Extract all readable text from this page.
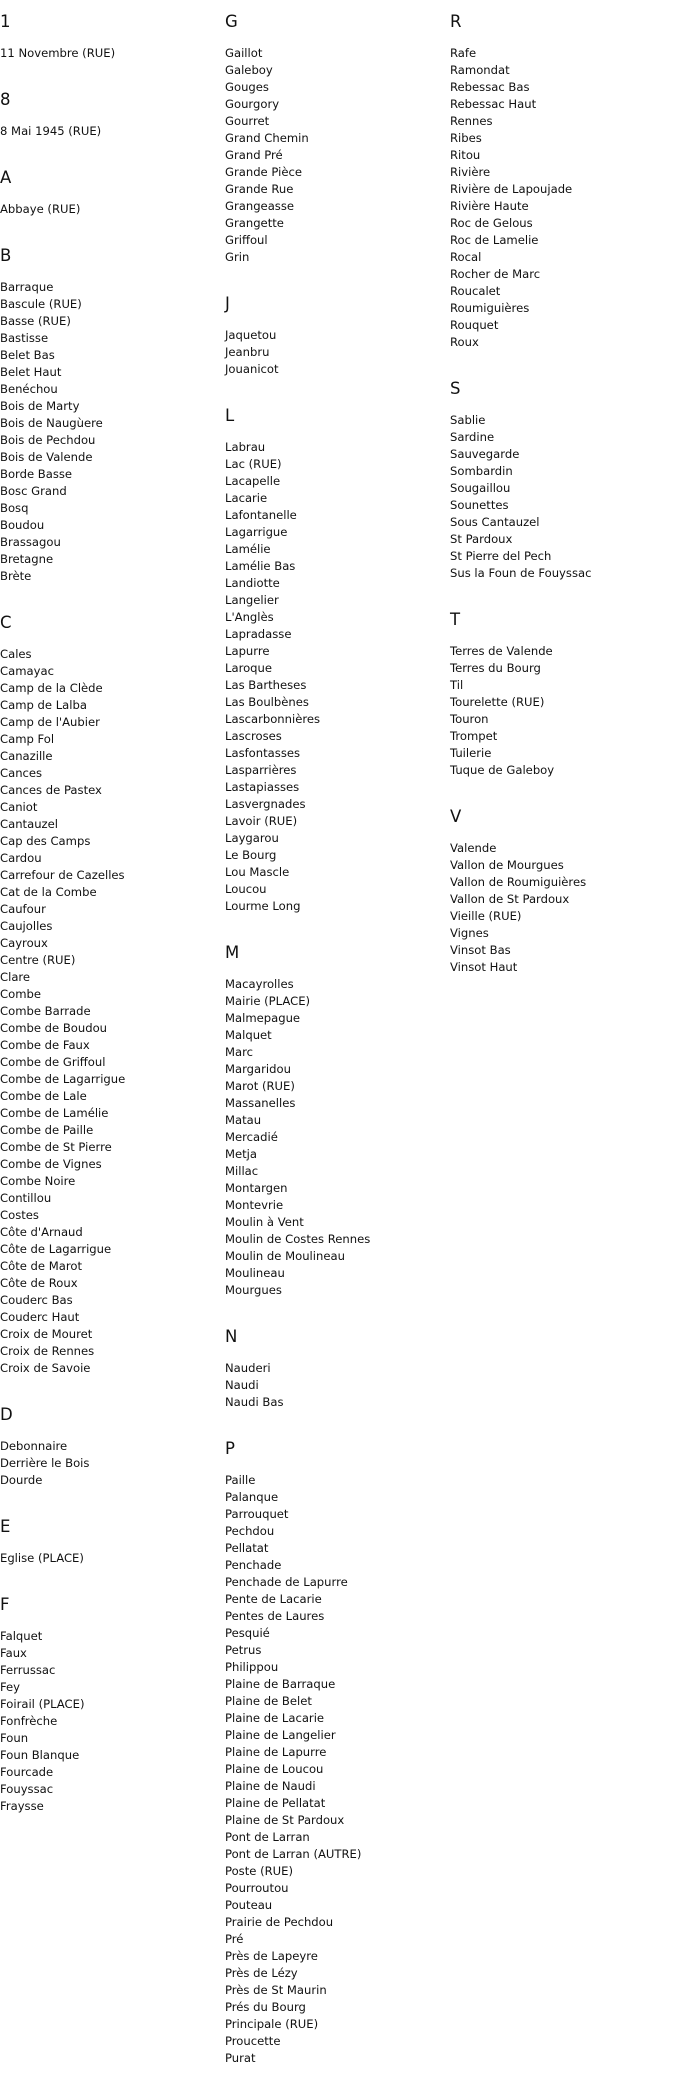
1
11 Novembre (RUE)
8
8 Mai 1945 (RUE)
A
Abbaye (RUE)
B
Barraque
Bascule (RUE)
Basse (RUE)
Bastisse
Belet Bas
Belet Haut
Benéchou
Bois de Marty
Bois de Naugùere
Bois de Pechdou
Bois de Valende
Borde Basse
Bosc Grand
Bosq
Boudou
Brassagou
Bretagne
Brète
C
Cales
Camayac
Camp de la Clède
Camp de Lalba
Camp de l'Aubier
Camp Fol
Canazille
Cances
Cances de Pastex
Caniot
Cantauzel
Cap des Camps
Cardou
Carrefour de Cazelles
Cat de la Combe
Caufour
Caujolles
Cayroux
Centre (RUE)
Clare
Combe
Combe Barrade
Combe de Boudou
Combe de Faux
Combe de Griffoul
Combe de Lagarrigue
Combe de Lale
Combe de Lamélie
Combe de Paille
Combe de St Pierre
Combe de Vignes
Combe Noire
Contillou
Costes
Côte d'Arnaud
Côte de Lagarrigue
Côte de Marot
Côte de Roux
Couderc Bas
Couderc Haut
Croix de Mouret
Croix de Rennes
Croix de Savoie
D
Debonnaire
Derrière le Bois
Dourde
E
Eglise (PLACE)
F
Falquet
Faux
Ferrussac
Fey
Foirail (PLACE)
Fonfrèche
Foun
Foun Blanque
Fourcade
Fouyssac
Fraysse
G
Gaillot
Galeboy
Gouges
Gourgory
Gourret
Grand Chemin
Grand Pré
Grande Pièce
Grande Rue
Grangeasse
Grangette
Griffoul
Grin
J
Jaquetou
Jeanbru
Jouanicot
L
Labrau
Lac (RUE)
Lacapelle
Lacarie
Lafontanelle
Lagarrigue
Lamélie
Lamélie Bas
Landiotte
Langelier
L'Anglès
Lapradasse
Lapurre
Laroque
Las Bartheses
Las Boulbènes
Lascarbonnières
Lascroses
Lasfontasses
Lasparrières
Lastapiasses
Lasvergnades
Lavoir (RUE)
Laygarou
Le Bourg
Lou Mascle
Loucou
Lourme Long
M
Macayrolles
Mairie (PLACE)
Malmepague
Malquet
Marc
Margaridou
Marot (RUE)
Massanelles
Matau
Mercadié
Metja
Millac
Montargen
Montevrie
Moulin à Vent
Moulin de Costes Rennes
Moulin de Moulineau
Moulineau
Mourgues
N
Nauderi
Naudi
Naudi Bas
P
Paille
Palanque
Parrouquet
Pechdou
Pellatat
Penchade
Penchade de Lapurre
Pente de Lacarie
Pentes de Laures
Pesquié
Petrus
Philippou
Plaine de Barraque
Plaine de Belet
Plaine de Lacarie
Plaine de Langelier
Plaine de Lapurre
Plaine de Loucou
Plaine de Naudi
Plaine de Pellatat
Plaine de St Pardoux
Pont de Larran
Pont de Larran (AUTRE)
Poste (RUE)
Pourroutou
Pouteau
Prairie de Pechdou
Pré
Près de Lapeyre
Près de Lézy
Près de St Maurin
Prés du Bourg
Principale (RUE)
Proucette
Purat
R
Rafe
Ramondat
Rebessac Bas
Rebessac Haut
Rennes
Ribes
Ritou
Rivière
Rivière de Lapoujade
Rivière Haute
Roc de Gelous
Roc de Lamelie
Rocal
Rocher de Marc
Roucalet
Roumiguières
Rouquet
Roux
S
Sablie
Sardine
Sauvegarde
Sombardin
Sougaillou
Sounettes
Sous Cantauzel
St Pardoux
St Pierre del Pech
Sus la Foun de Fouyssac
T
Terres de Valende
Terres du Bourg
Til
Tourelette (RUE)
Touron
Trompet
Tuilerie
Tuque de Galeboy
V
Valende
Vallon de Mourgues
Vallon de Roumiguières
Vallon de St Pardoux
Vieille (RUE)
Vignes
Vinsot Bas
Vinsot Haut
